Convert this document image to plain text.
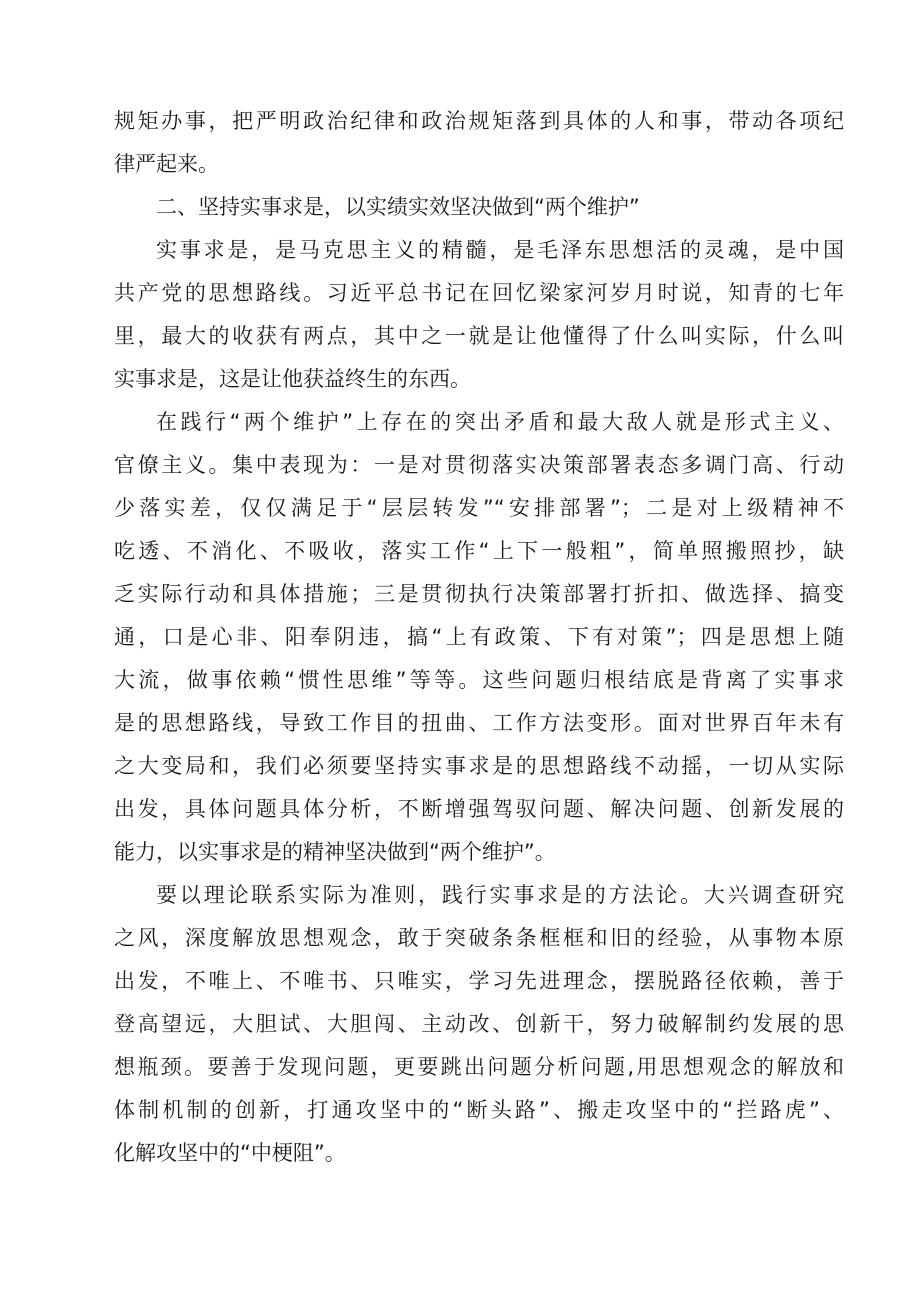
规矩办事，把严明政治纪律和政治规矩落到具体的人和事，带动各项纪
律严起来。
二、坚持实事求是，以实绩实效坚决做到“两个维护”
实事求是，是马克思主义的精髓，是毛泽东思想活的灵魂，是中国
共产党的思想路线。习近平总书记在回忆梁家河岁月时说，知青的七年
里，最大的收获有两点，其中之一就是让他懂得了什么叫实际，什么叫
实事求是，这是让他获益终生的东西。
在践行“两个维护”上存在的突出矛盾和最大敌人就是形式主义、
官僚主义。集中表现为：一是对贯彻落实决策部署表态多调门高、行动
少落实差，仅仅满足于“层层转发”“安排部署”；二是对上级精神不
吃透、不消化、不吸收，落实工作“上下一般粗”，简单照搬照抄，缺
乏实际行动和具体措施；三是贯彻执行决策部署打折扣、做选择、搞变
通，口是心非、阳奉阴违，搞“上有政策、下有对策”；四是思想上随
大流，做事依赖“惯性思维”等等。这些问题归根结底是背离了实事求
是的思想路线，导致工作目的扭曲、工作方法变形。面对世界百年未有
之大变局和，我们必须要坚持实事求是的思想路线不动摇，一切从实际
出发，具体问题具体分析，不断增强驾驭问题、解决问题、创新发展的
能力，以实事求是的精神坚决做到“两个维护”。
要以理论联系实际为准则，践行实事求是的方法论。大兴调查研究
之风，深度解放思想观念，敢于突破条条框框和旧的经验，从事物本原
出发，不唯上、不唯书、只唯实，学习先进理念，摆脱路径依赖，善于
登高望远，大胆试、大胆闯、主动改、创新干，努力破解制约发展的思
想瓶颈。要善于发现问题，更要跳出问题分析问题,用思想观念的解放和
体制机制的创新，打通攻坚中的“断头路”、搬走攻坚中的“拦路虎”、
化解攻坚中的“中梗阻”。
